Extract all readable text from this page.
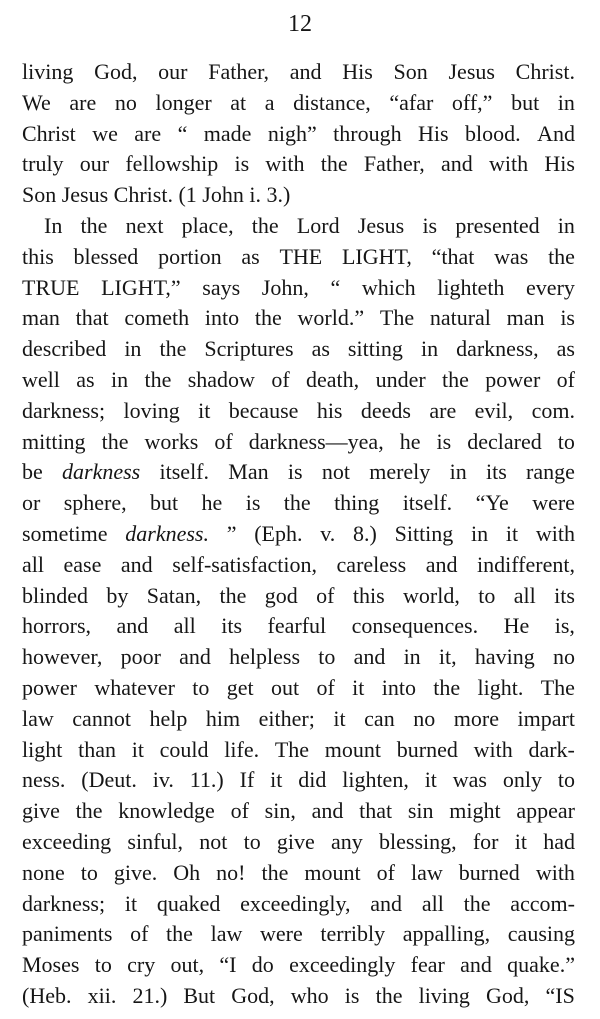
12
living God, our Father, and His Son Jesus Christ.
We are no longer at a distance, “afar off,” but in
Christ we are “ made nigh” through His blood. And
truly our fellowship is with the Father, and with His
Son Jesus Christ. (1 John i. 3.)
In the next place, the Lord Jesus is presented in
this blessed portion as THE LIGHT, “that was the
TRUE LIGHT,” says John, “ which lighteth every
man that cometh into the world.” The natural man is
described in the Scriptures as sitting in darkness, as
well as in the shadow of death, under the power of
darkness; loving it because his deeds are evil, com.
mitting the works of darkness—yea, he is declared to
be darkness itself. Man is not merely in its range
or sphere, but he is the thing itself. “Ye were
sometime darkness. ” (Eph. v. 8.) Sitting in it with
all ease and self-satisfaction, careless and indifferent,
blinded by Satan, the god of this world, to all its
horrors, and all its fearful consequences. He is,
however, poor and helpless to and in it, having no
power whatever to get out of it into the light. The
law cannot help him either; it can no more impart
light than it could life. The mount burned with dark-
ness. (Deut. iv. 11.) If it did lighten, it was only to
give the knowledge of sin, and that sin might appear
exceeding sinful, not to give any blessing, for it had
none to give. Oh no! the mount of law burned with
darkness; it quaked exceedingly, and all the accom-
paniments of the law were terribly appalling, causing
Moses to cry out, “I do exceedingly fear and quake.”
(Heb. xii. 21.) But God, who is the living God, “IS
